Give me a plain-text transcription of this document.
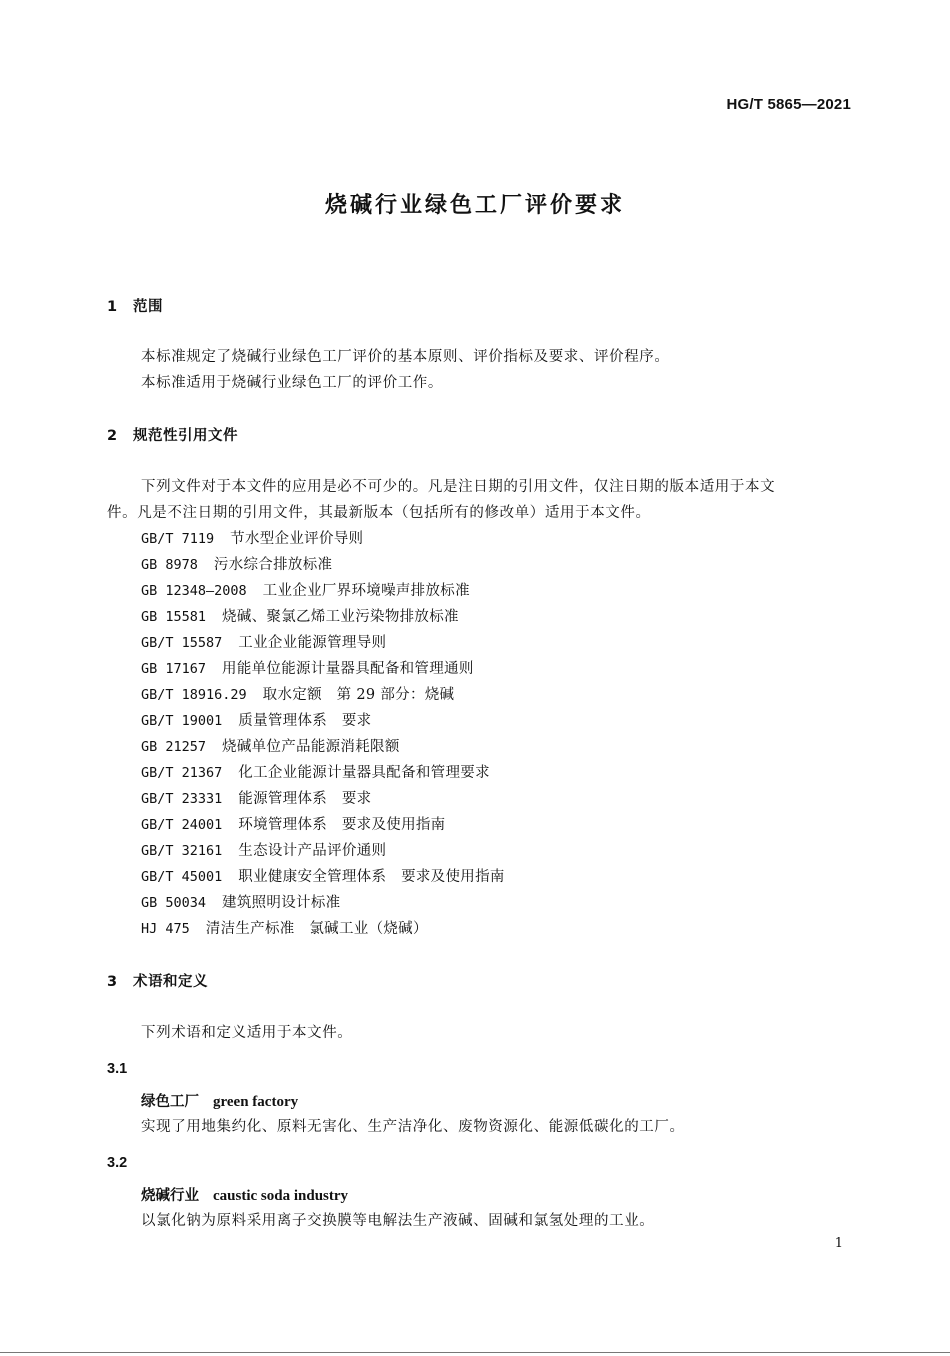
HG/T 5865—2021
烧碱行业绿色工厂评价要求
1 范围
本标准规定了烧碱行业绿色工厂评价的基本原则、评价指标及要求、评价程序。
本标准适用于烧碱行业绿色工厂的评价工作。
2 规范性引用文件
下列文件对于本文件的应用是必不可少的。凡是注日期的引用文件，仅注日期的版本适用于本文
件。凡是不注日期的引用文件，其最新版本（包括所有的修改单）适用于本文件。
GB/T 7119 节水型企业评价导则
GB 8978 污水综合排放标准
GB 12348—2008 工业企业厂界环境噪声排放标准
GB 15581 烧碱、聚氯乙烯工业污染物排放标准
GB/T 15587 工业企业能源管理导则
GB 17167 用能单位能源计量器具配备和管理通则
GB/T 18916.29 取水定额　第 29 部分：烧碱
GB/T 19001 质量管理体系　要求
GB 21257 烧碱单位产品能源消耗限额
GB/T 21367 化工企业能源计量器具配备和管理要求
GB/T 23331 能源管理体系　要求
GB/T 24001 环境管理体系　要求及使用指南
GB/T 32161 生态设计产品评价通则
GB/T 45001 职业健康安全管理体系　要求及使用指南
GB 50034 建筑照明设计标准
HJ 475 清洁生产标准　氯碱工业（烧碱）
3 术语和定义
下列术语和定义适用于本文件。
3.1
绿色工厂 green factory
实现了用地集约化、原料无害化、生产洁净化、废物资源化、能源低碳化的工厂。
3.2
烧碱行业 caustic soda industry
以氯化钠为原料采用离子交换膜等电解法生产液碱、固碱和氯氢处理的工业。
1
